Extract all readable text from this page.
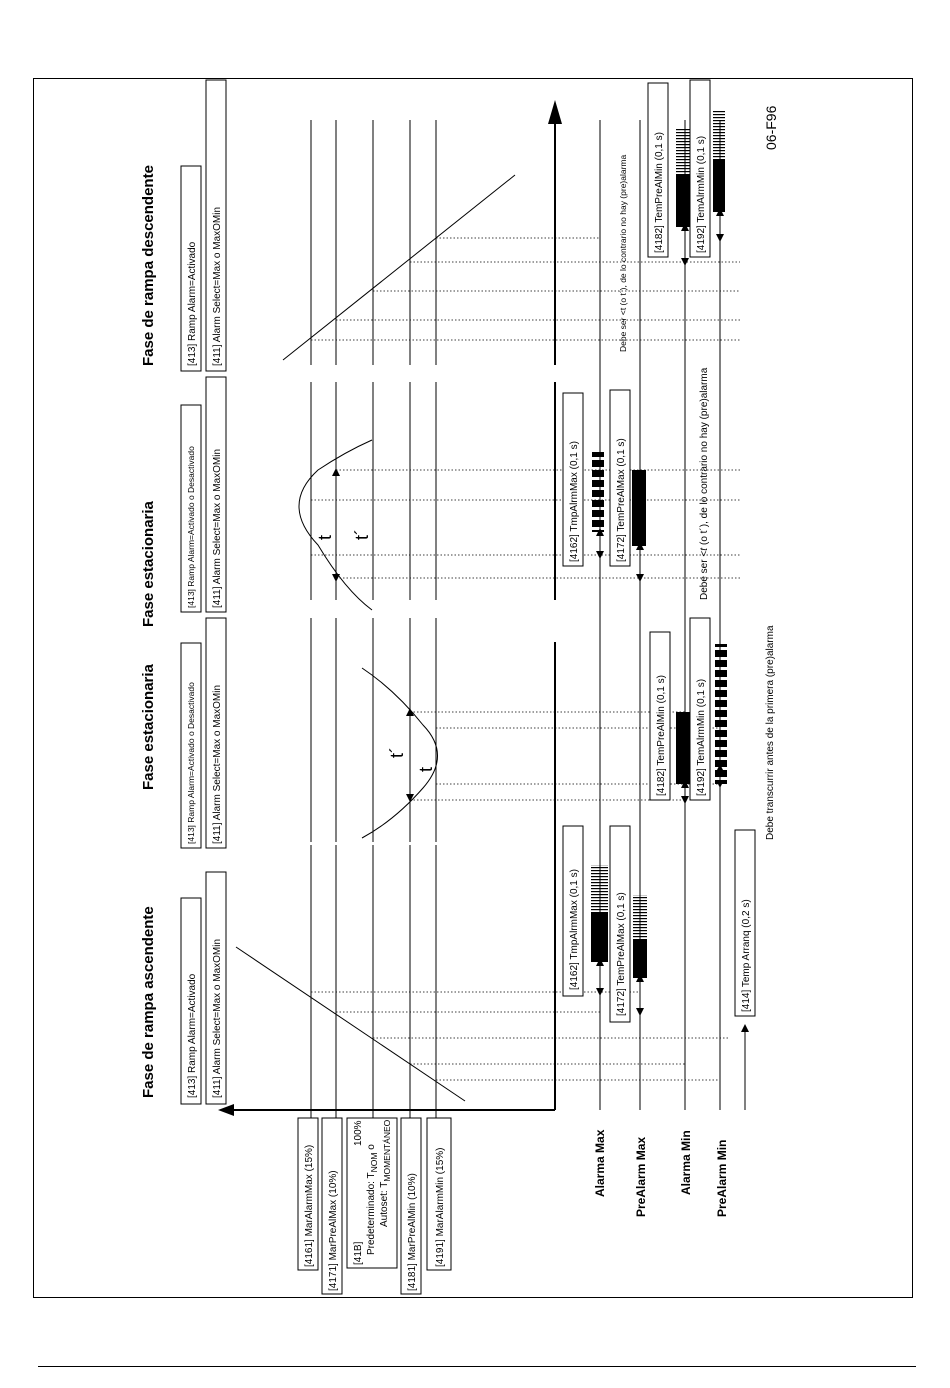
Fase de rampa ascendente
Fase estacionaria
Fase estacionaria
Fase de rampa descendente
[413] Ramp Alarm=Activado [411] Alarm Select=Max o MaxOMin
[413] Ramp Alarm=Activado o Desactivado [411] Alarm Select=Max o MaxOMin
[413] Ramp Alarm=Activado o Desactivado [411] Alarm Select=Max o MaxOMin
[413] Ramp Alarm=Activado [411] Alarm Select=Max o MaxOMin
[4161] MarAlarmMax (15%) [4171] MarPreAlMax (10%) [41B]
100%
Predeterminado: $T_{NOM}$ o
Autoset: $T_{MOMENTÁNEO}$
[4181] MarPreAlMin (10%) [4191] MarAlarmMin (15%)
t´
t
t t´
Alarma Max PreAlarm Max	Alarma Min PreAlarm Min
[4162] TmpAlrmMax (0,1 s)	[4172] TemPreAlMax (0,1 s)	[414] Temp Arranq (0,2 s)
[4182] TemPreAlMin (0,1 s)	[4192] TemAlrmMin (0,1 s)
[4162] TmpAlrmMax (0,1 s)	[4172] TemPreAlMax (0,1 s)
[4182] TemPreAlMin (0,1 s)	[4192] TemAlrmMin (0,1 s)
Debe transcurrir antes de la primera (pre)alarma
Debe ser <t(o t´), de lo contrario no hay (pre)alarma
Debe ser <t (o t´), de lo contrario no hay (pre)alarma
06-F96
